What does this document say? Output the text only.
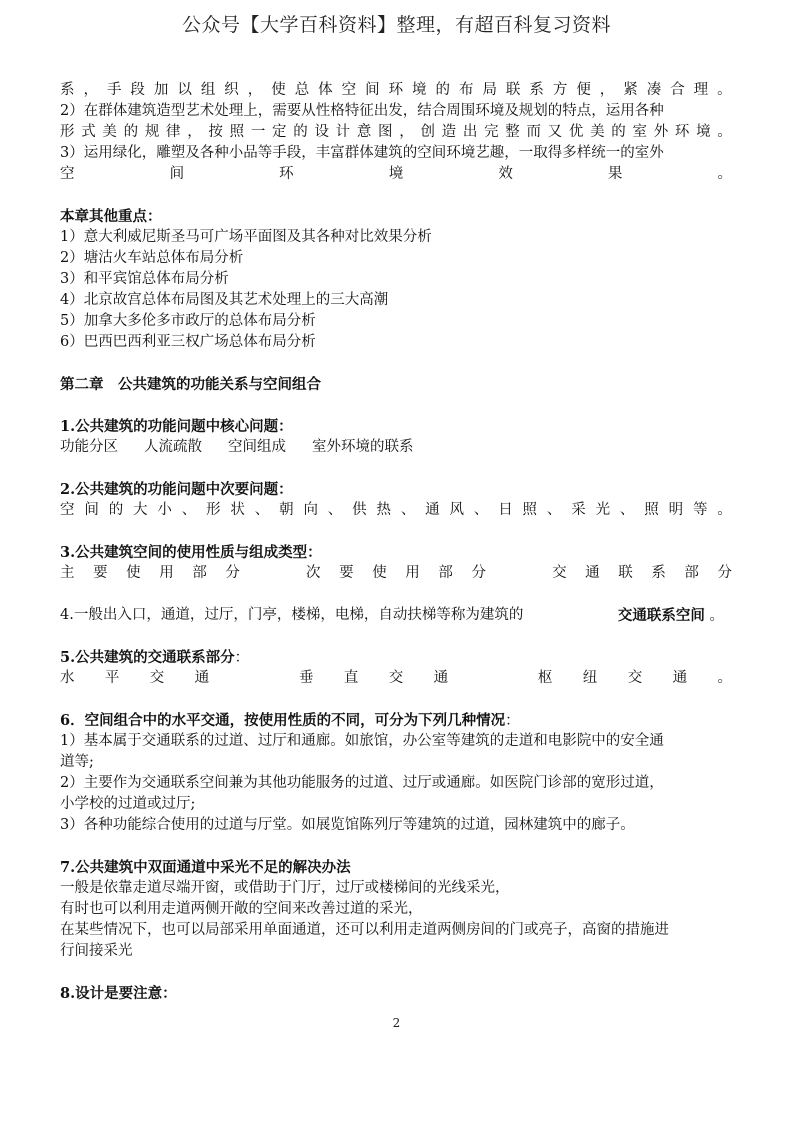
公众号【大学百科资料】整理，有超百科复习资料
系 ， 手 段 加 以 组 织 ， 使 总 体 空 间 环 境 的 布 局 联 系 方 便 ， 紧 凑 合 理 。
2）在群体建筑造型艺术处理上，需要从性格特征出发，结合周围环境及规划的特点，运用各种
形 式 美 的 规 律 ， 按 照 一 定 的 设 计 意 图 ， 创 造 出 完 整 而 又 优 美 的 室 外 环 境 。
3）运用绿化，雕塑及各种小品等手段，丰富群体建筑的空间环境艺趣，一取得多样统一的室外
空	间	环	境	效	果	。
本章其他重点：
1）意大利威尼斯圣马可广场平面图及其各种对比效果分析
2）塘沽火车站总体布局分析
3）和平宾馆总体布局分析
4）北京故宫总体布局图及其艺术处理上的三大高潮
5）加拿大多伦多市政厅的总体布局分析
6）巴西巴西利亚三权广场总体布局分析
第二章　公共建筑的功能关系与空间组合
1.公共建筑的功能问题中核心问题：
功能分区 人流疏散 空间组成 室外环境的联系
2.公共建筑的功能问题中次要问题：
空 间 的 大 小 、 形 状 、 朝 向 、 供 热 、 通 风 、 日 照 、 采 光 、 照 明 等 。
3.公共建筑空间的使用性质与组成类型：
主 要 使 用 部 分
　　	次 要 使 用 部 分
　　	交 通 联 系 部 分
4.一般出入口，通道，过厅，门亭，楼梯，电梯，自动扶梯等称为建筑的	交通联系空间 。
5.公共建筑的交通联系部分：
水 平 交 通
　　	垂 直 交 通
　　	枢 纽 交 通 。
6．空间组合中的水平交通，按使用性质的不同，可分为下列几种情况：
1）基本属于交通联系的过道、过厅和通廊。如旅馆，办公室等建筑的走道和电影院中的安全通
道等;
2）主要作为交通联系空间兼为其他功能服务的过道、过厅或通廊。如医院门诊部的宽形过道，
小学校的过道或过厅;
3）各种功能综合使用的过道与厅堂。如展览馆陈列厅等建筑的过道，园林建筑中的廊子。
7.公共建筑中双面通道中采光不足的解决办法
一般是依靠走道尽端开窗，或借助于门厅，过厅或楼梯间的光线采光，
有时也可以利用走道两侧开敞的空间来改善过道的采光，
在某些情况下，也可以局部采用单面通道，还可以利用走道两侧房间的门或亮子，高窗的措施进
行间接采光
8.设计是要注意：
2
